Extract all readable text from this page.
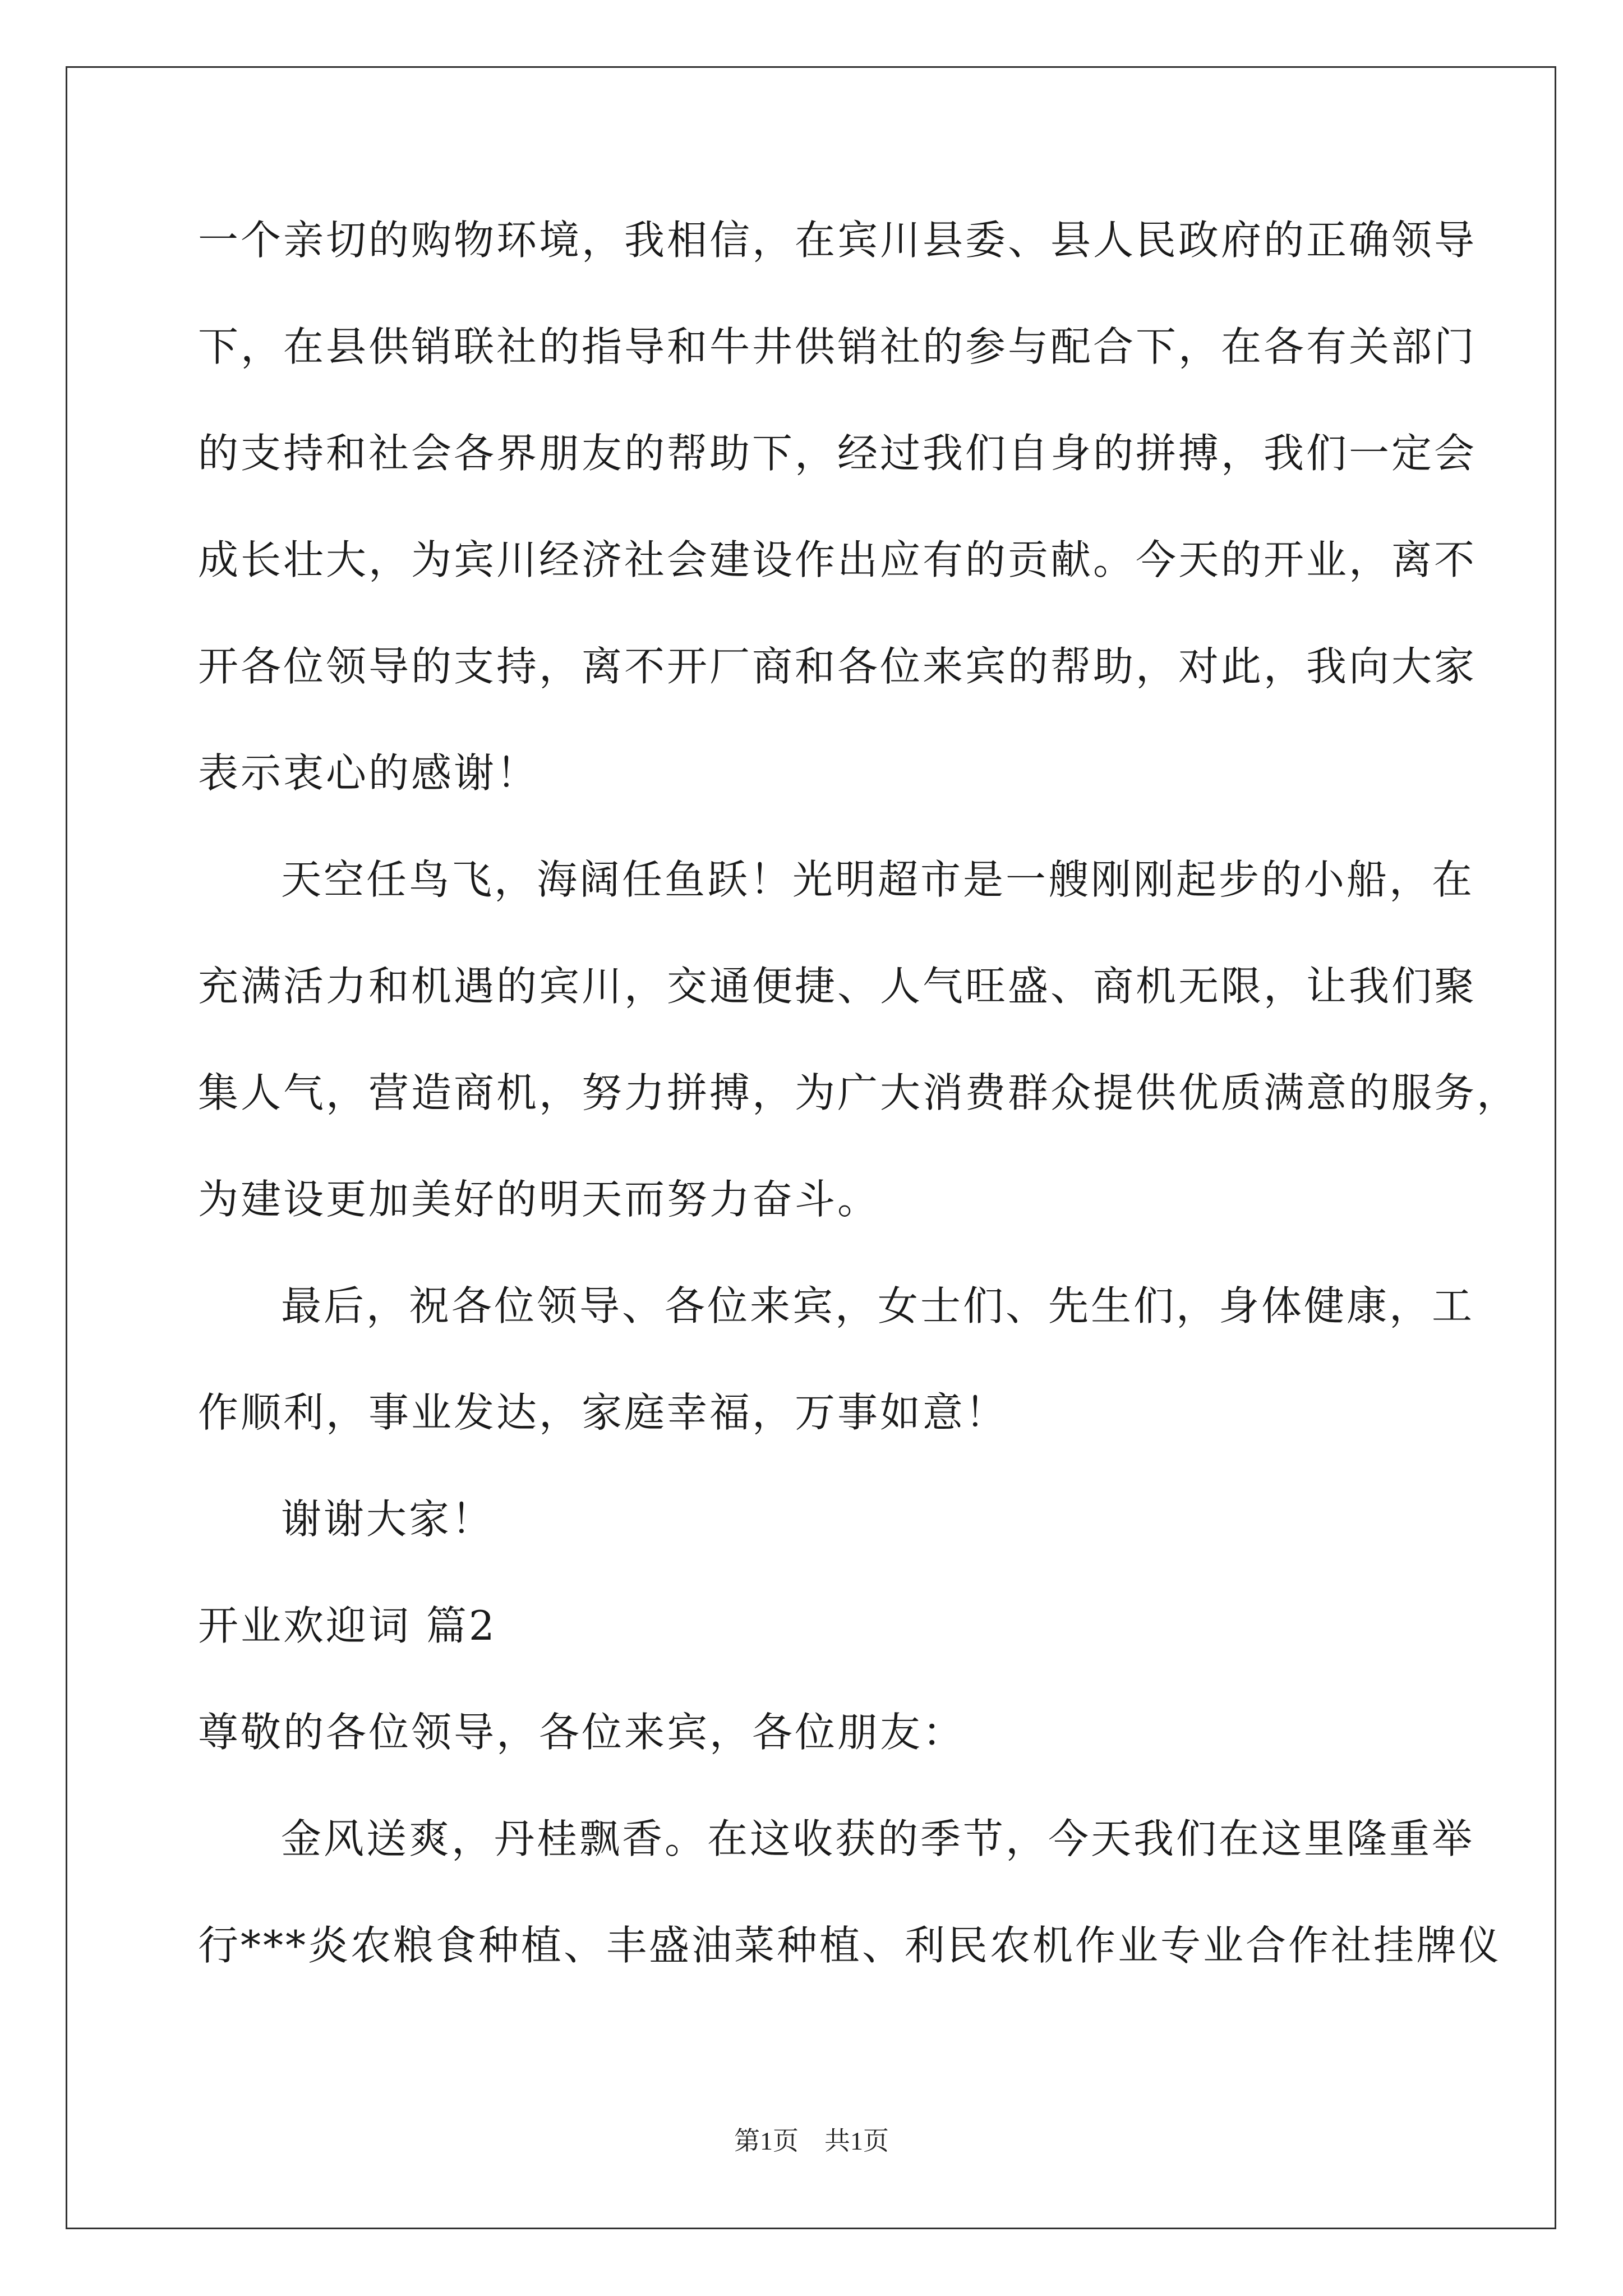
一个亲切的购物环境，我相信，在宾川县委、县人民政府的正确领导
下，在县供销联社的指导和牛井供销社的参与配合下，在各有关部门
的支持和社会各界朋友的帮助下，经过我们自身的拼搏，我们一定会
成长壮大，为宾川经济社会建设作出应有的贡献。今天的开业，离不
开各位领导的支持，离不开厂商和各位来宾的帮助，对此，我向大家
表示衷心的感谢！
天空任鸟飞，海阔任鱼跃！光明超市是一艘刚刚起步的小船，在
充满活力和机遇的宾川，交通便捷、人气旺盛、商机无限，让我们聚
集人气，营造商机，努力拼搏，为广大消费群众提供优质满意的服务，
为建设更加美好的明天而努力奋斗。
最后，祝各位领导、各位来宾，女士们、先生们，身体健康，工
作顺利，事业发达，家庭幸福，万事如意！
谢谢大家！
开业欢迎词 篇2
尊敬的各位领导，各位来宾，各位朋友：
金风送爽，丹桂飘香。在这收获的季节，今天我们在这里隆重举
行***炎农粮食种植、丰盛油菜种植、利民农机作业专业合作社挂牌仪
第1页　共1页
